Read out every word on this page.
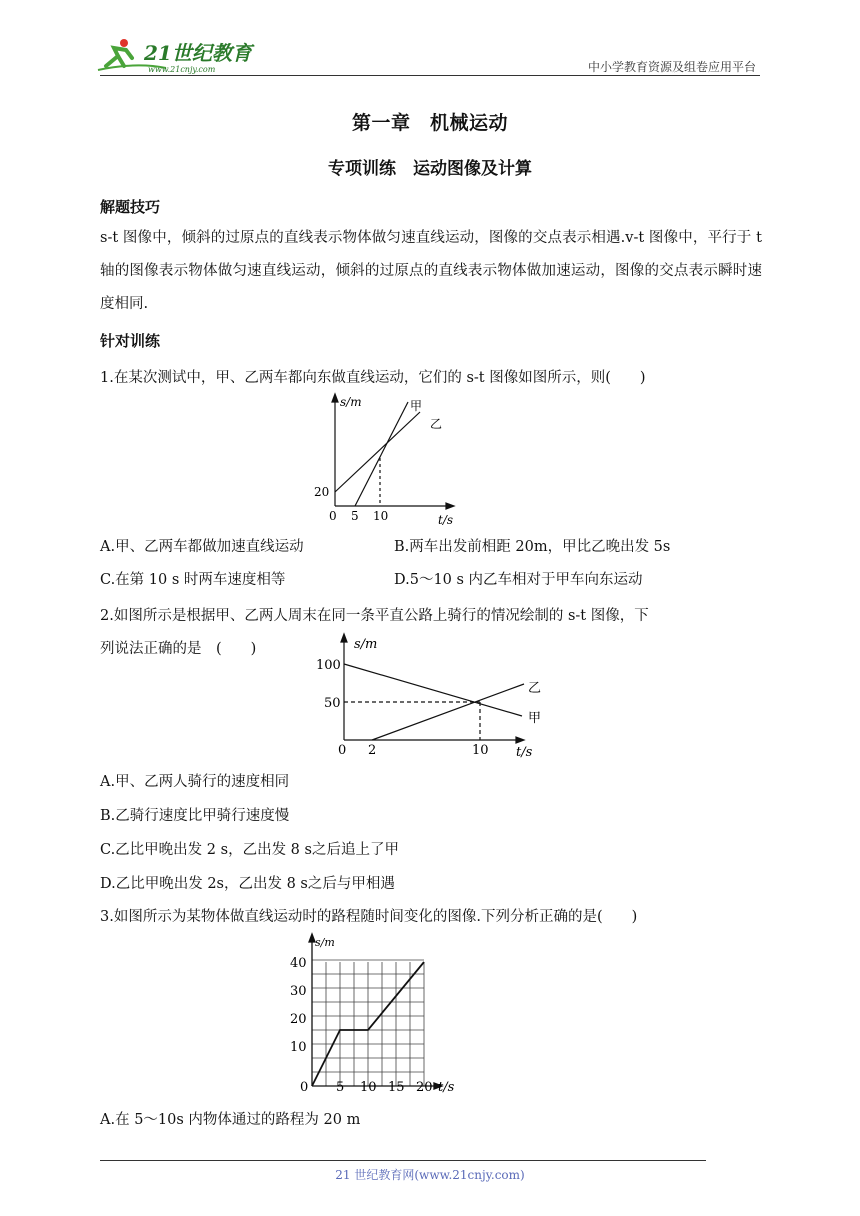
21世纪教育
www.21cnjy.com	中小学教育资源及组卷应用平台
第一章　机械运动
专项训练　运动图像及计算
解题技巧
s-t 图像中，倾斜的过原点的直线表示物体做匀速直线运动，图像的交点表示相遇.v-t 图像中，平行于 t 轴的图像表示物体做匀速直线运动，倾斜的过原点的直线表示物体做加速运动，图像的交点表示瞬时速度相同.
针对训练
1.在某次测试中，甲、乙两车都向东做直线运动，它们的 s-t 图像如图所示，则(　　)
s/m
20
0 5 10	t/s
甲
乙
A.甲、乙两车都做加速直线运动	B.两车出发前相距 20m，甲比乙晚出发 5s
C.在第 10 s 时两车速度相等	D.5～10 s 内乙车相对于甲车向东运动
2.如图所示是根据甲、乙两人周末在同一条平直公路上骑行的情况绘制的 s-t 图像，下
列说法正确的是　(　　)	s/m
100
50
0 2	10 t/s
乙
甲
A.甲、乙两人骑行的速度相同
B.乙骑行速度比甲骑行速度慢
C.乙比甲晚出发 2 s，乙出发 8 s之后追上了甲
D.乙比甲晚出发 2s，乙出发 8 s之后与甲相遇
3.如图所示为某物体做直线运动时的路程随时间变化的图像.下列分析正确的是(　　)
s/m
40
30
20
10
0 5 10 15 20 t/s
A.在 5～10s 内物体通过的路程为 20 m
21 世纪教育网(www.21cnjy.com)
